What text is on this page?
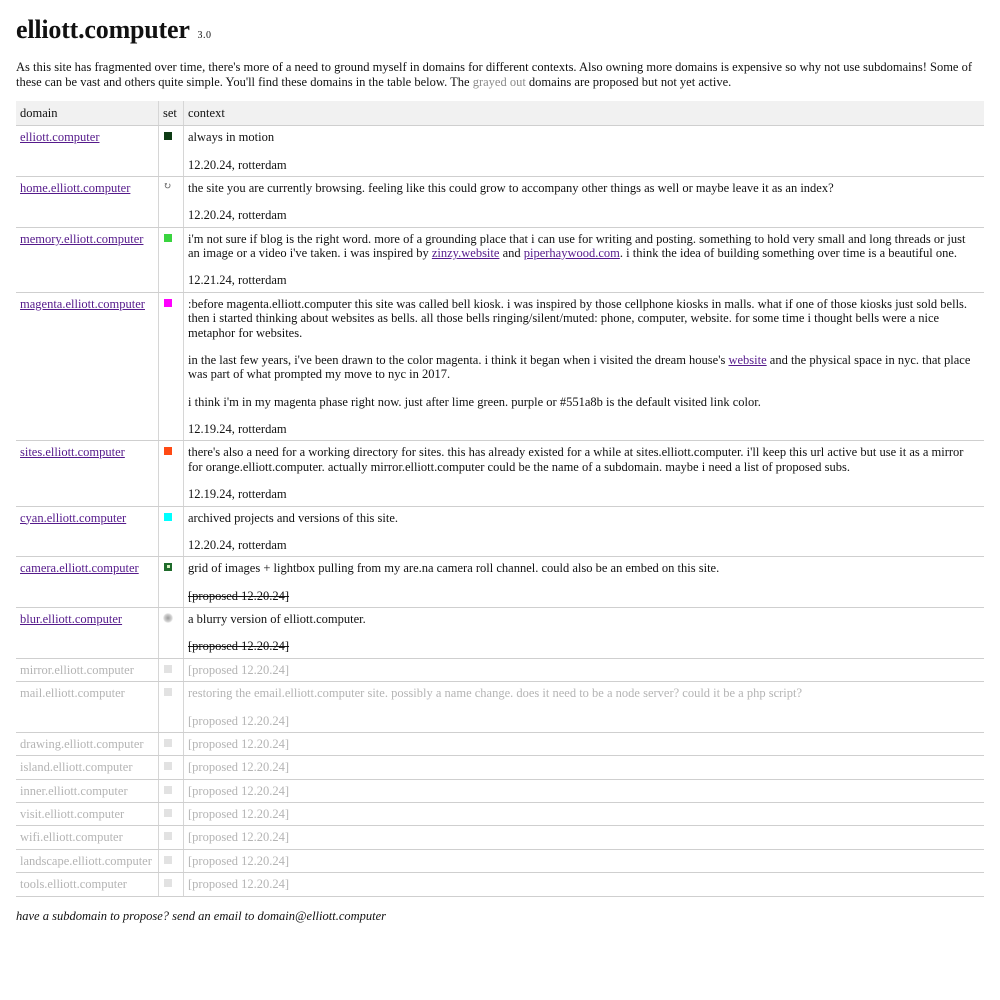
elliott.computer 3.0

As this site has fragmented over time, there's more of a need to ground myself in domains for different contexts. Also owning more domains is expensive so why not use subdomains! Some of these can be vast and others quite simple. You'll find these domains in the table below. The grayed out domains are proposed but not yet active.

domain	set	context
elliott.computer		always in motion

12.20.24, rotterdam

home.elliott.computer	↻	the site you are currently browsing. feeling like this could grow to accompany other things as well or maybe leave it as an index?

12.20.24, rotterdam

memory.elliott.computer		i'm not sure if blog is the right word. more of a grounding place that i can use for writing and posting. something to hold very small and long threads or just an image or a video i've taken. i was inspired by zinzy.website and piperhaywood.com. i think the idea of building something over time is a beautiful one.

12.21.24, rotterdam

magenta.elliott.computer		:before magenta.elliott.computer this site was called bell kiosk. i was inspired by those cellphone kiosks in malls. what if one of those kiosks just sold bells. then i started thinking about websites as bells. all those bells ringing/silent/muted: phone, computer, website. for some time i thought bells were a nice metaphor for websites.

in the last few years, i've been drawn to the color magenta. i think it began when i visited the dream house's website and the physical space in nyc. that place was part of what prompted my move to nyc in 2017.

i think i'm in my magenta phase right now. just after lime green. purple or #551a8b is the default visited link color.

12.19.24, rotterdam

sites.elliott.computer		there's also a need for a working directory for sites. this has already existed for a while at sites.elliott.computer. i'll keep this url active but use it as a mirror for orange.elliott.computer. actually mirror.elliott.computer could be the name of a subdomain. maybe i need a list of proposed subs.

12.19.24, rotterdam

cyan.elliott.computer		archived projects and versions of this site.

12.20.24, rotterdam

camera.elliott.computer		grid of images + lightbox pulling from my are.na camera roll channel. could also be an embed on this site.

[proposed 12.20.24]

blur.elliott.computer		a blurry version of elliott.computer.

[proposed 12.20.24]

mirror.elliott.computer		[proposed 12.20.24]

mail.elliott.computer		restoring the email.elliott.computer site. possibly a name change. does it need to be a node server? could it be a php script?

[proposed 12.20.24]

drawing.elliott.computer		[proposed 12.20.24]

island.elliott.computer		[proposed 12.20.24]

inner.elliott.computer		[proposed 12.20.24]

visit.elliott.computer		[proposed 12.20.24]

wifi.elliott.computer		[proposed 12.20.24]

landscape.elliott.computer		[proposed 12.20.24]

tools.elliott.computer		[proposed 12.20.24]

have a subdomain to propose? send an email to domain@elliott.computer
